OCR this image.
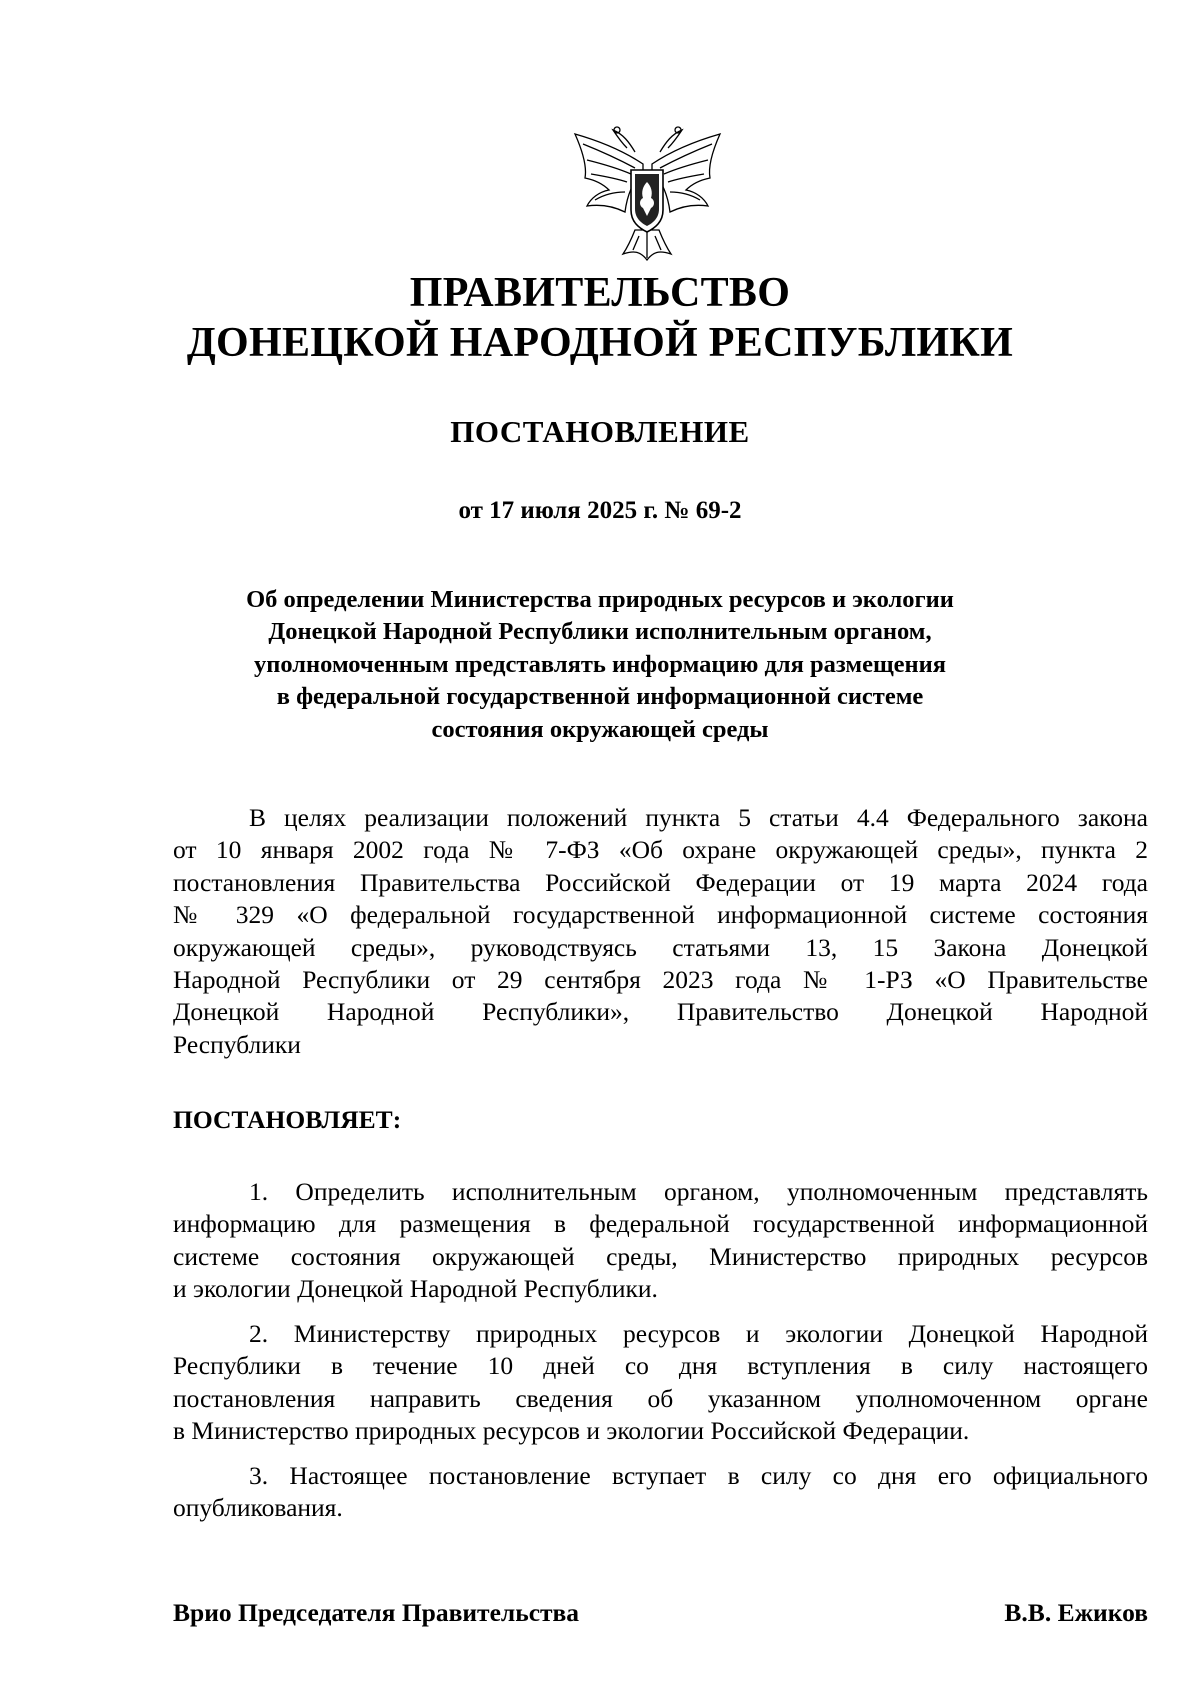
ПРАВИТЕЛЬСТВО
ДОНЕЦКОЙ НАРОДНОЙ РЕСПУБЛИКИ
ПОСТАНОВЛЕНИЕ
от 17 июля 2025 г. № 69-2
Об определении Министерства природных ресурсов и экологии
Донецкой Народной Республики исполнительным органом,
уполномоченным представлять информацию для размещения
в федеральной государственной информационной системе
состояния окружающей среды
В целях реализации положений пункта 5 статьи 4.4 Федерального закона
от 10 января 2002 года № 7-ФЗ «Об охране окружающей среды», пункта 2
постановления Правительства Российской Федерации от 19 марта 2024 года
№ 329 «О федеральной государственной информационной системе состояния
окружающей среды», руководствуясь статьями 13, 15 Закона Донецкой
Народной Республики от 29 сентября 2023 года № 1-РЗ «О Правительстве
Донецкой Народной Республики», Правительство Донецкой Народной
Республики
ПОСТАНОВЛЯЕТ:
1. Определить исполнительным органом, уполномоченным представлять
информацию для размещения в федеральной государственной информационной
системе состояния окружающей среды, Министерство природных ресурсов
и экологии Донецкой Народной Республики.
2. Министерству природных ресурсов и экологии Донецкой Народной
Республики в течение 10 дней со дня вступления в силу настоящего
постановления направить сведения об указанном уполномоченном органе
в Министерство природных ресурсов и экологии Российской Федерации.
3. Настоящее постановление вступает в силу со дня его официального
опубликования.
Врио Председателя Правительства	В.В. Ежиков
